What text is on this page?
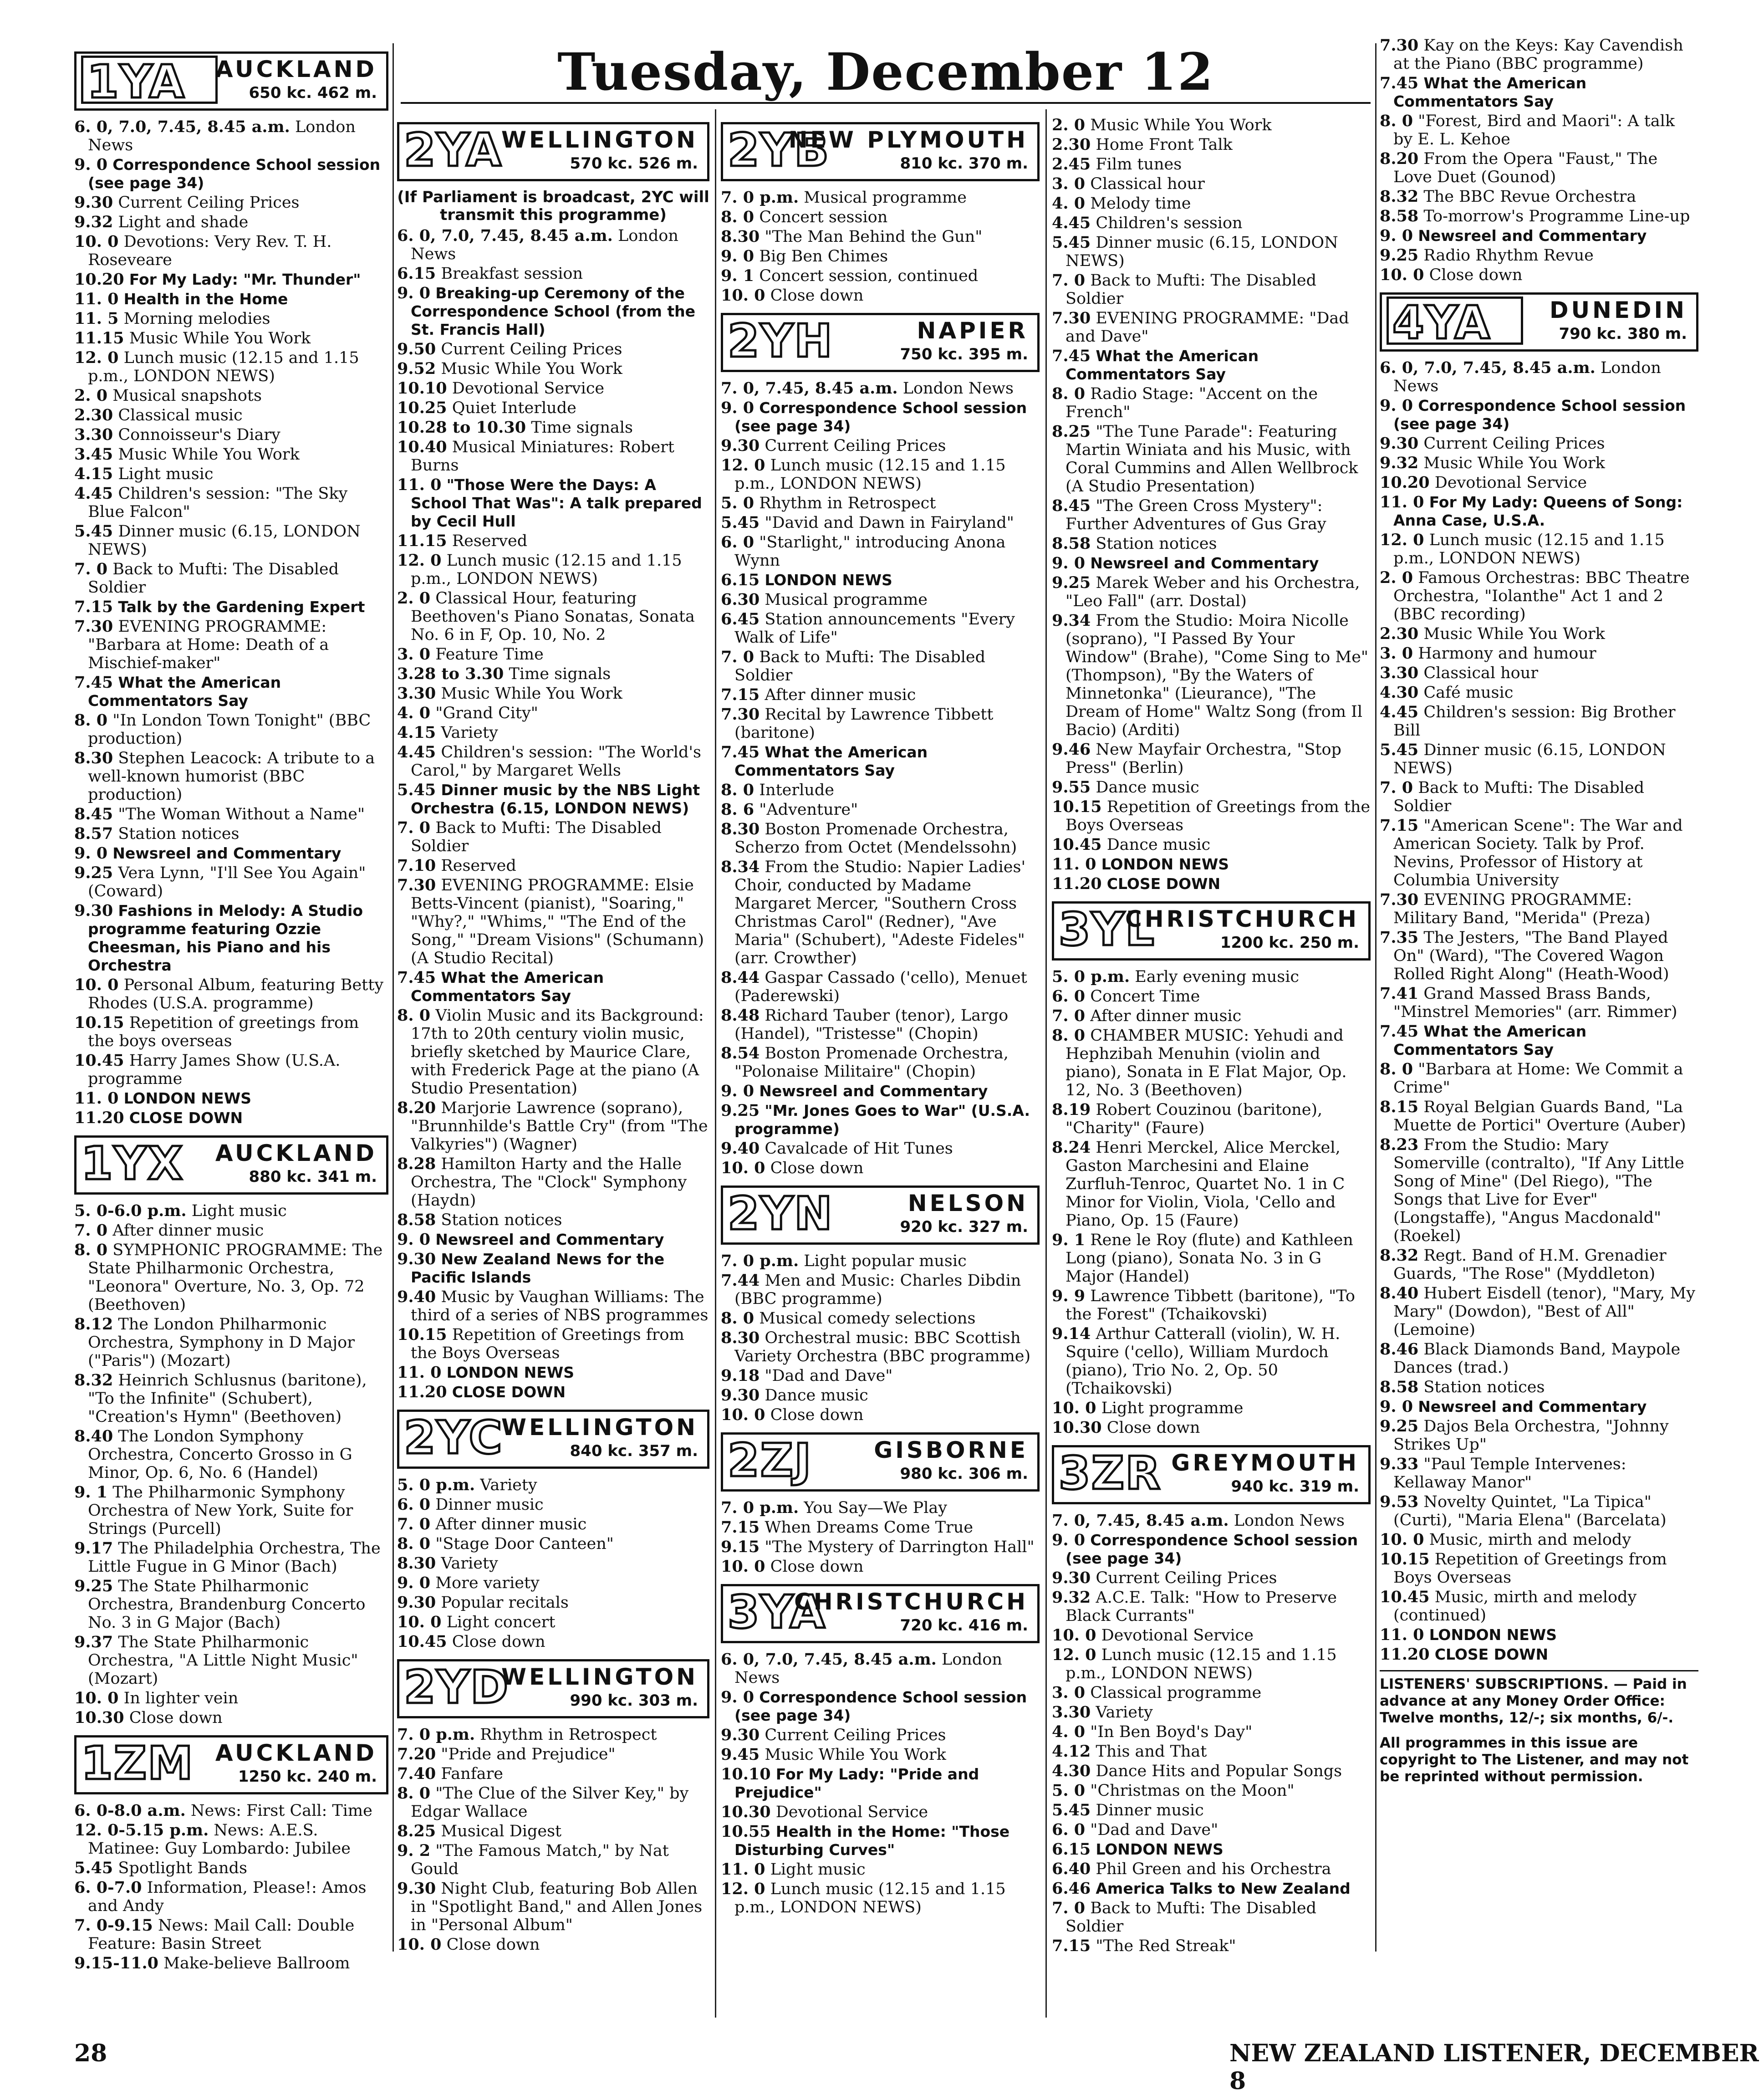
Tuesday, December 12
1YA	AUCKLAND
650 kc. 462 m.
6. 0, 7.0, 7.45, 8.45 a.m. London News
9. 0 Correspondence School session (see page 34)
9.30 Current Ceiling Prices
9.32 Light and shade
10. 0 Devotions: Very Rev. T. H. Roseveare
10.20 For My Lady: "Mr. Thunder"
11. 0 Health in the Home
11. 5 Morning melodies
11.15 Music While You Work
12. 0 Lunch music (12.15 and 1.15 p.m., LONDON NEWS)
2. 0 Musical snapshots
2.30 Classical music
3.30 Connoisseur's Diary
3.45 Music While You Work
4.15 Light music
4.45 Children's session: "The Sky Blue Falcon"
5.45 Dinner music (6.15, LONDON NEWS)
7. 0 Back to Mufti: The Disabled Soldier
7.15 Talk by the Gardening Expert
7.30 EVENING PROGRAMME: "Barbara at Home: Death of a Mischief-maker"
7.45 What the American Commentators Say
8. 0 "In London Town Tonight" (BBC production)
8.30 Stephen Leacock: A tribute to a well-known humorist (BBC production)
8.45 "The Woman Without a Name"
8.57 Station notices
9. 0 Newsreel and Commentary
9.25 Vera Lynn, "I'll See You Again" (Coward)
9.30 Fashions in Melody: A Studio programme featuring Ozzie Cheesman, his Piano and his Orchestra
10. 0 Personal Album, featuring Betty Rhodes (U.S.A. programme)
10.15 Repetition of greetings from the boys overseas
10.45 Harry James Show (U.S.A. programme
11. 0 LONDON NEWS
11.20 CLOSE DOWN
1YX	AUCKLAND
880 kc. 341 m.
5. 0-6.0 p.m. Light music
7. 0 After dinner music
8. 0 SYMPHONIC PROGRAMME: The State Philharmonic Orchestra, "Leonora" Overture, No. 3, Op. 72 (Beethoven)
8.12 The London Philharmonic Orchestra, Symphony in D Major ("Paris") (Mozart)
8.32 Heinrich Schlusnus (baritone), "To the Infinite" (Schubert), "Creation's Hymn" (Beethoven)
8.40 The London Symphony Orchestra, Concerto Grosso in G Minor, Op. 6, No. 6 (Handel)
9. 1 The Philharmonic Symphony Orchestra of New York, Suite for Strings (Purcell)
9.17 The Philadelphia Orchestra, The Little Fugue in G Minor (Bach)
9.25 The State Philharmonic Orchestra, Brandenburg Concerto No. 3 in G Major (Bach)
9.37 The State Philharmonic Orchestra, "A Little Night Music" (Mozart)
10. 0 In lighter vein
10.30 Close down
1ZM AUCKLAND
1250 kc. 240 m.
6. 0-8.0 a.m. News: First Call: Time
12. 0-5.15 p.m. News: A.E.S. Matinee: Guy Lombardo: Jubilee
5.45 Spotlight Bands
6. 0-7.0 Information, Please!: Amos and Andy
7. 0-9.15 News: Mail Call: Double Feature: Basin Street
9.15-11.0 Make-believe Ballroom
2YA
WELLINGTON
570 kc. 526 m.
(If Parliament is broadcast, 2YC will transmit this programme)
6. 0, 7.0, 7.45, 8.45 a.m. London News
6.15 Breakfast session
9. 0 Breaking-up Ceremony of the Correspondence School (from the St. Francis Hall)
9.50 Current Ceiling Prices
9.52 Music While You Work
10.10 Devotional Service
10.25 Quiet Interlude
10.28 to 10.30 Time signals
10.40 Musical Miniatures: Robert Burns
11. 0 "Those Were the Days: A School That Was": A talk prepared by Cecil Hull
11.15 Reserved
12. 0 Lunch music (12.15 and 1.15 p.m., LONDON NEWS)
2. 0 Classical Hour, featuring Beethoven's Piano Sonatas, Sonata No. 6 in F, Op. 10, No. 2
3. 0 Feature Time
3.28 to 3.30 Time signals
3.30 Music While You Work
4. 0 "Grand City"
4.15 Variety
4.45 Children's session: "The World's Carol," by Margaret Wells
5.45 Dinner music by the NBS Light Orchestra (6.15, LONDON NEWS)
7. 0 Back to Mufti: The Disabled Soldier
7.10 Reserved
7.30 EVENING PROGRAMME: Elsie Betts-Vincent (pianist), "Soaring," "Why?," "Whims," "The End of the Song," "Dream Visions" (Schumann) (A Studio Recital)
7.45 What the American Commentators Say
8. 0 Violin Music and its Background: 17th to 20th century violin music, briefly sketched by Maurice Clare, with Frederick Page at the piano (A Studio Presentation)
8.20 Marjorie Lawrence (soprano), "Brunnhilde's Battle Cry" (from "The Valkyries") (Wagner)
8.28 Hamilton Harty and the Halle Orchestra, The "Clock" Symphony (Haydn)
8.58 Station notices
9. 0 Newsreel and Commentary
9.30 New Zealand News for the Pacific Islands
9.40 Music by Vaughan Williams: The third of a series of NBS programmes
10.15 Repetition of Greetings from the Boys Overseas
11. 0 LONDON NEWS
11.20 CLOSE DOWN
2YC
WELLINGTON
840 kc. 357 m.
5. 0 p.m. Variety
6. 0 Dinner music
7. 0 After dinner music
8. 0 "Stage Door Canteen"
8.30 Variety
9. 0 More variety
9.30 Popular recitals
10. 0 Light concert
10.45 Close down
2YD
WELLINGTON
990 kc. 303 m.
7. 0 p.m. Rhythm in Retrospect
7.20 "Pride and Prejudice"
7.40 Fanfare
8. 0 "The Clue of the Silver Key," by Edgar Wallace
8.25 Musical Digest
9. 2 "The Famous Match," by Nat Gould
9.30 Night Club, featuring Bob Allen in "Spotlight Band," and Allen Jones in "Personal Album"
10. 0 Close down
2YB
NEW PLYMOUTH
810 kc. 370 m.
7. 0 p.m. Musical programme
8. 0 Concert session
8.30 "The Man Behind the Gun"
9. 0 Big Ben Chimes
9. 1 Concert session, continued
10. 0 Close down
2YH	NAPIER
750 kc. 395 m.
7. 0, 7.45, 8.45 a.m. London News
9. 0 Correspondence School session (see page 34)
9.30 Current Ceiling Prices
12. 0 Lunch music (12.15 and 1.15 p.m., LONDON NEWS)
5. 0 Rhythm in Retrospect
5.45 "David and Dawn in Fairyland"
6. 0 "Starlight," introducing Anona Wynn
6.15 LONDON NEWS
6.30 Musical programme
6.45 Station announcements "Every Walk of Life"
7. 0 Back to Mufti: The Disabled Soldier
7.15 After dinner music
7.30 Recital by Lawrence Tibbett (baritone)
7.45 What the American Commentators Say
8. 0 Interlude
8. 6 "Adventure"
8.30 Boston Promenade Orchestra, Scherzo from Octet (Mendelssohn)
8.34 From the Studio: Napier Ladies' Choir, conducted by Madame Margaret Mercer, "Southern Cross Christmas Carol" (Redner), "Ave Maria" (Schubert), "Adeste Fideles" (arr. Crowther)
8.44 Gaspar Cassado ('cello), Menuet (Paderewski)
8.48 Richard Tauber (tenor), Largo (Handel), "Tristesse" (Chopin)
8.54 Boston Promenade Orchestra, "Polonaise Militaire" (Chopin)
9. 0 Newsreel and Commentary
9.25 "Mr. Jones Goes to War" (U.S.A. programme)
9.40 Cavalcade of Hit Tunes
10. 0 Close down
2YN	NELSON
920 kc. 327 m.
7. 0 p.m. Light popular music
7.44 Men and Music: Charles Dibdin (BBC programme)
8. 0 Musical comedy selections
8.30 Orchestral music: BBC Scottish Variety Orchestra (BBC programme)
9.18 "Dad and Dave"
9.30 Dance music
10. 0 Close down
2ZJ	GISBORNE
980 kc. 306 m.
7. 0 p.m. You Say—We Play
7.15 When Dreams Come True
9.15 "The Mystery of Darrington Hall"
10. 0 Close down
3YA
CHRISTCHURCH
720 kc. 416 m.
6. 0, 7.0, 7.45, 8.45 a.m. London News
9. 0 Correspondence School session (see page 34)
9.30 Current Ceiling Prices
9.45 Music While You Work
10.10 For My Lady: "Pride and Prejudice"
10.30 Devotional Service
10.55 Health in the Home: "Those Disturbing Curves"
11. 0 Light music
12. 0 Lunch music (12.15 and 1.15 p.m., LONDON NEWS)
2. 0 Music While You Work
2.30 Home Front Talk
2.45 Film tunes
3. 0 Classical hour
4. 0 Melody time
4.45 Children's session
5.45 Dinner music (6.15, LONDON NEWS)
7. 0 Back to Mufti: The Disabled Soldier
7.30 EVENING PROGRAMME: "Dad and Dave"
7.45 What the American Commentators Say
8. 0 Radio Stage: "Accent on the French"
8.25 "The Tune Parade": Featuring Martin Winiata and his Music, with Coral Cummins and Allen Wellbrock (A Studio Presentation)
8.45 "The Green Cross Mystery": Further Adventures of Gus Gray
8.58 Station notices
9. 0 Newsreel and Commentary
9.25 Marek Weber and his Orchestra, "Leo Fall" (arr. Dostal)
9.34 From the Studio: Moira Nicolle (soprano), "I Passed By Your Window" (Brahe), "Come Sing to Me" (Thompson), "By the Waters of Minnetonka" (Lieurance), "The Dream of Home" Waltz Song (from Il Bacio) (Arditi)
9.46 New Mayfair Orchestra, "Stop Press" (Berlin)
9.55 Dance music
10.15 Repetition of Greetings from the Boys Overseas
10.45 Dance music
11. 0 LONDON NEWS
11.20 CLOSE DOWN
3YL
CHRISTCHURCH
1200 kc. 250 m.
5. 0 p.m. Early evening music
6. 0 Concert Time
7. 0 After dinner music
8. 0 CHAMBER MUSIC: Yehudi and Hephzibah Menuhin (violin and piano), Sonata in E Flat Major, Op. 12, No. 3 (Beethoven)
8.19 Robert Couzinou (baritone), "Charity" (Faure)
8.24 Henri Merckel, Alice Merckel, Gaston Marchesini and Elaine Zurfluh-Tenroc, Quartet No. 1 in C Minor for Violin, Viola, 'Cello and Piano, Op. 15 (Faure)
9. 1 Rene le Roy (flute) and Kathleen Long (piano), Sonata No. 3 in G Major (Handel)
9. 9 Lawrence Tibbett (baritone), "To the Forest" (Tchaikovski)
9.14 Arthur Catterall (violin), W. H. Squire ('cello), William Murdoch (piano), Trio No. 2, Op. 50 (Tchaikovski)
10. 0 Light programme
10.30 Close down
3ZR GREYMOUTH
940 kc. 319 m.
7. 0, 7.45, 8.45 a.m. London News
9. 0 Correspondence School session (see page 34)
9.30 Current Ceiling Prices
9.32 A.C.E. Talk: "How to Preserve Black Currants"
10. 0 Devotional Service
12. 0 Lunch music (12.15 and 1.15 p.m., LONDON NEWS)
3. 0 Classical programme
3.30 Variety
4. 0 "In Ben Boyd's Day"
4.12 This and That
4.30 Dance Hits and Popular Songs
5. 0 "Christmas on the Moon"
5.45 Dinner music
6. 0 "Dad and Dave"
6.15 LONDON NEWS
6.40 Phil Green and his Orchestra
6.46 America Talks to New Zealand
7. 0 Back to Mufti: The Disabled Soldier
7.15 "The Red Streak"
7.30 Kay on the Keys: Kay Cavendish at the Piano (BBC programme)
7.45 What the American Commentators Say
8. 0 "Forest, Bird and Maori": A talk by E. L. Kehoe
8.20 From the Opera "Faust," The Love Duet (Gounod)
8.32 The BBC Revue Orchestra
8.58 To-morrow's Programme Line-up
9. 0 Newsreel and Commentary
9.25 Radio Rhythm Revue
10. 0 Close down
4YA	DUNEDIN
790 kc. 380 m.
6. 0, 7.0, 7.45, 8.45 a.m. London News
9. 0 Correspondence School session (see page 34)
9.30 Current Ceiling Prices
9.32 Music While You Work
10.20 Devotional Service
11. 0 For My Lady: Queens of Song: Anna Case, U.S.A.
12. 0 Lunch music (12.15 and 1.15 p.m., LONDON NEWS)
2. 0 Famous Orchestras: BBC Theatre Orchestra, "Iolanthe" Act 1 and 2 (BBC recording)
2.30 Music While You Work
3. 0 Harmony and humour
3.30 Classical hour
4.30 Café music
4.45 Children's session: Big Brother Bill
5.45 Dinner music (6.15, LONDON NEWS)
7. 0 Back to Mufti: The Disabled Soldier
7.15 "American Scene": The War and American Society. Talk by Prof. Nevins, Professor of History at Columbia University
7.30 EVENING PROGRAMME: Military Band, "Merida" (Preza)
7.35 The Jesters, "The Band Played On" (Ward), "The Covered Wagon Rolled Right Along" (Heath-Wood)
7.41 Grand Massed Brass Bands, "Minstrel Memories" (arr. Rimmer)
7.45 What the American Commentators Say
8. 0 "Barbara at Home: We Commit a Crime"
8.15 Royal Belgian Guards Band, "La Muette de Portici" Overture (Auber)
8.23 From the Studio: Mary Somerville (contralto), "If Any Little Song of Mine" (Del Riego), "The Songs that Live for Ever" (Longstaffe), "Angus Macdonald" (Roekel)
8.32 Regt. Band of H.M. Grenadier Guards, "The Rose" (Myddleton)
8.40 Hubert Eisdell (tenor), "Mary, My Mary" (Dowdon), "Best of All" (Lemoine)
8.46 Black Diamonds Band, Maypole Dances (trad.)
8.58 Station notices
9. 0 Newsreel and Commentary
9.25 Dajos Bela Orchestra, "Johnny Strikes Up"
9.33 "Paul Temple Intervenes: Kellaway Manor"
9.53 Novelty Quintet, "La Tipica" (Curti), "Maria Elena" (Barcelata)
10. 0 Music, mirth and melody
10.15 Repetition of Greetings from Boys Overseas
10.45 Music, mirth and melody (continued)
11. 0 LONDON NEWS
11.20 CLOSE DOWN
LISTENERS' SUBSCRIPTIONS. — Paid in advance at any Money Order Office: Twelve months, 12/-; six months, 6/-.
All programmes in this issue are copyright to The Listener, and may not be reprinted without permission.
28	NEW ZEALAND LISTENER, DECEMBER 8
